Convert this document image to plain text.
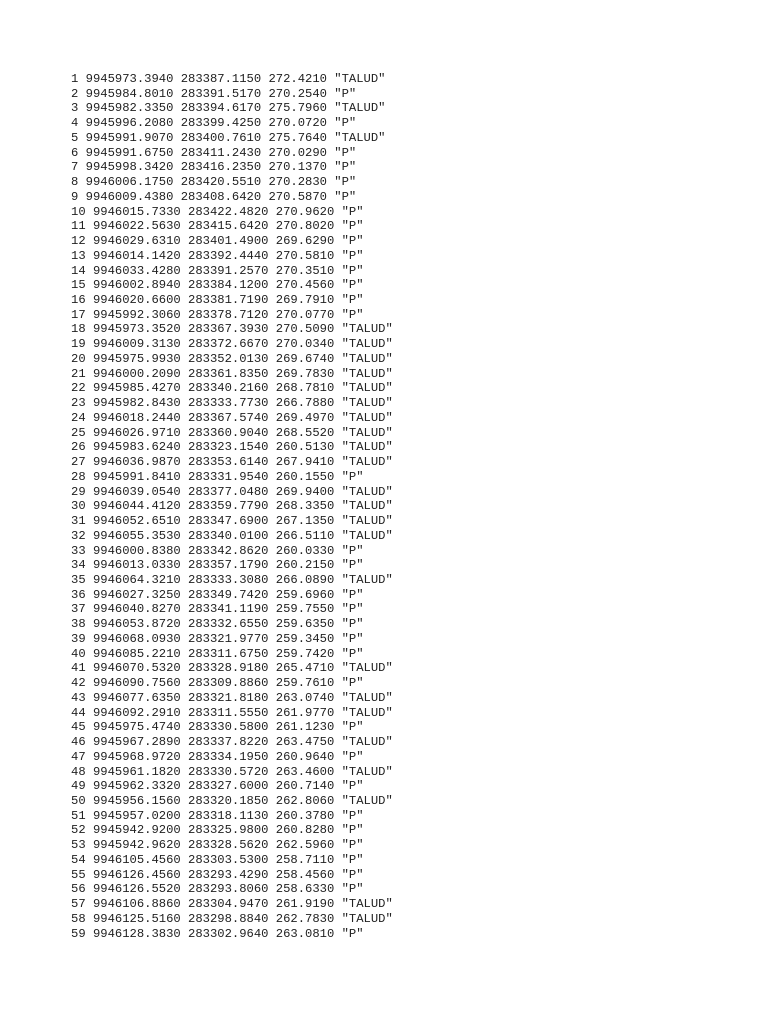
1 9945973.3940 283387.1150 272.4210 "TALUD"
2 9945984.8010 283391.5170 270.2540 "P"
3 9945982.3350 283394.6170 275.7960 "TALUD"
4 9945996.2080 283399.4250 270.0720 "P"
5 9945991.9070 283400.7610 275.7640 "TALUD"
6 9945991.6750 283411.2430 270.0290 "P"
7 9945998.3420 283416.2350 270.1370 "P"
8 9946006.1750 283420.5510 270.2830 "P"
9 9946009.4380 283408.6420 270.5870 "P"
10 9946015.7330 283422.4820 270.9620 "P"
11 9946022.5630 283415.6420 270.8020 "P"
12 9946029.6310 283401.4900 269.6290 "P"
13 9946014.1420 283392.4440 270.5810 "P"
14 9946033.4280 283391.2570 270.3510 "P"
15 9946002.8940 283384.1200 270.4560 "P"
16 9946020.6600 283381.7190 269.7910 "P"
17 9945992.3060 283378.7120 270.0770 "P"
18 9945973.3520 283367.3930 270.5090 "TALUD"
19 9946009.3130 283372.6670 270.0340 "TALUD"
20 9945975.9930 283352.0130 269.6740 "TALUD"
21 9946000.2090 283361.8350 269.7830 "TALUD"
22 9945985.4270 283340.2160 268.7810 "TALUD"
23 9945982.8430 283333.7730 266.7880 "TALUD"
24 9946018.2440 283367.5740 269.4970 "TALUD"
25 9946026.9710 283360.9040 268.5520 "TALUD"
26 9945983.6240 283323.1540 260.5130 "TALUD"
27 9946036.9870 283353.6140 267.9410 "TALUD"
28 9945991.8410 283331.9540 260.1550 "P"
29 9946039.0540 283377.0480 269.9400 "TALUD"
30 9946044.4120 283359.7790 268.3350 "TALUD"
31 9946052.6510 283347.6900 267.1350 "TALUD"
32 9946055.3530 283340.0100 266.5110 "TALUD"
33 9946000.8380 283342.8620 260.0330 "P"
34 9946013.0330 283357.1790 260.2150 "P"
35 9946064.3210 283333.3080 266.0890 "TALUD"
36 9946027.3250 283349.7420 259.6960 "P"
37 9946040.8270 283341.1190 259.7550 "P"
38 9946053.8720 283332.6550 259.6350 "P"
39 9946068.0930 283321.9770 259.3450 "P"
40 9946085.2210 283311.6750 259.7420 "P"
41 9946070.5320 283328.9180 265.4710 "TALUD"
42 9946090.7560 283309.8860 259.7610 "P"
43 9946077.6350 283321.8180 263.0740 "TALUD"
44 9946092.2910 283311.5550 261.9770 "TALUD"
45 9945975.4740 283330.5800 261.1230 "P"
46 9945967.2890 283337.8220 263.4750 "TALUD"
47 9945968.9720 283334.1950 260.9640 "P"
48 9945961.1820 283330.5720 263.4600 "TALUD"
49 9945962.3320 283327.6000 260.7140 "P"
50 9945956.1560 283320.1850 262.8060 "TALUD"
51 9945957.0200 283318.1130 260.3780 "P"
52 9945942.9200 283325.9800 260.8280 "P"
53 9945942.9620 283328.5620 262.5960 "P"
54 9946105.4560 283303.5300 258.7110 "P"
55 9946126.4560 283293.4290 258.4560 "P"
56 9946126.5520 283293.8060 258.6330 "P"
57 9946106.8860 283304.9470 261.9190 "TALUD"
58 9946125.5160 283298.8840 262.7830 "TALUD"
59 9946128.3830 283302.9640 263.0810 "P"
